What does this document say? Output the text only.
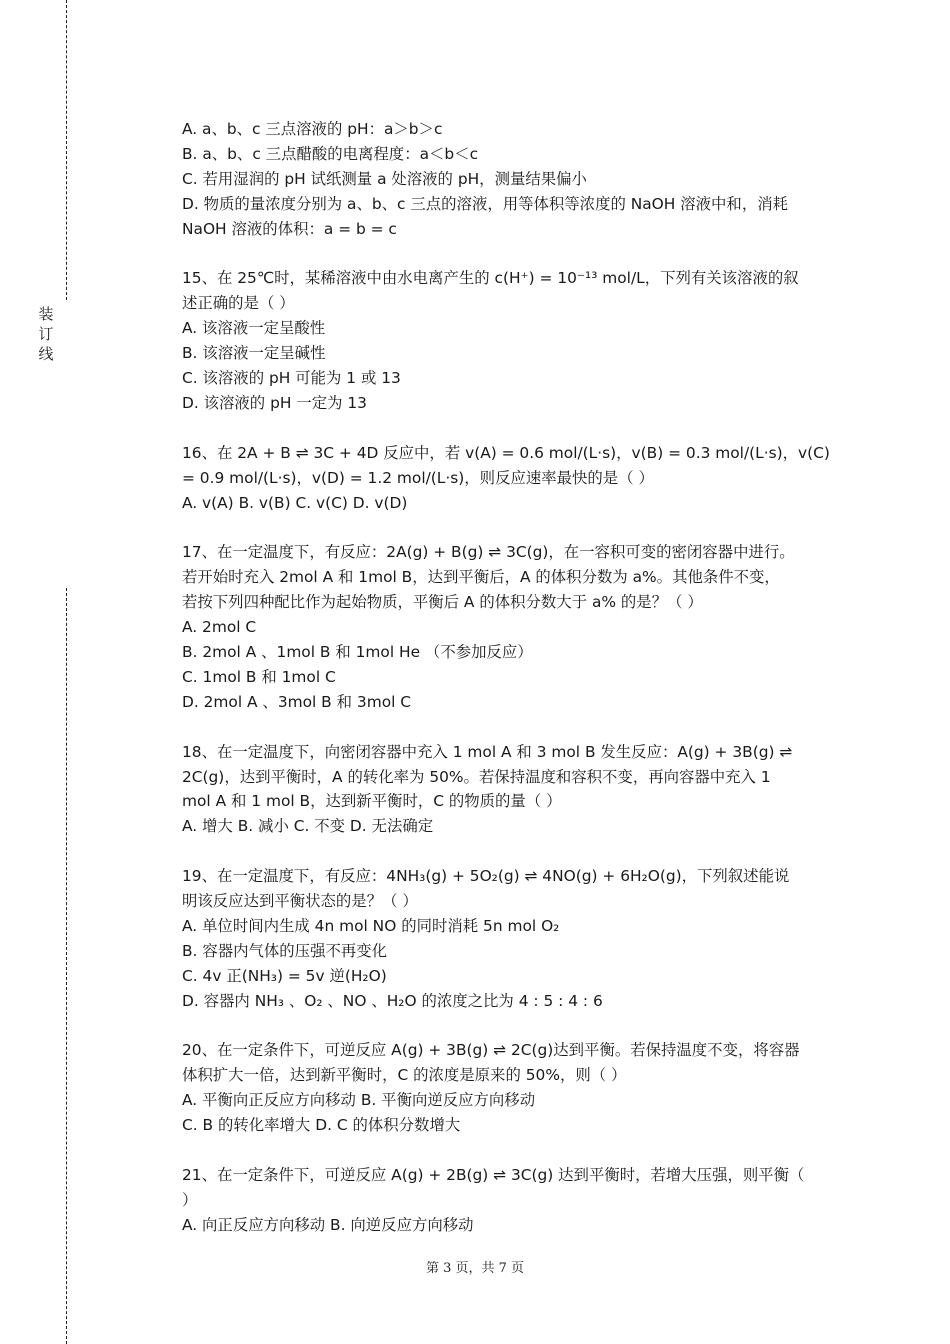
装
订
线
A. a、b、c 三点溶液的 pH：a＞b＞c
B. a、b、c 三点醋酸的电离程度：a＜b＜c
C. 若用湿润的 pH 试纸测量 a 处溶液的 pH，测量结果偏小
D. 物质的量浓度分别为 a、b、c 三点的溶液，用等体积等浓度的 NaOH 溶液中和，消耗
NaOH 溶液的体积：a = b = c
15、在 25℃时，某稀溶液中由水电离产生的 c(H⁺) = 10⁻¹³ mol/L，下列有关该溶液的叙
述正确的是（ ）
A. 该溶液一定呈酸性
B. 该溶液一定呈碱性
C. 该溶液的 pH 可能为 1 或 13
D. 该溶液的 pH 一定为 13
16、在 2A + B ⇌ 3C + 4D 反应中，若 v(A) = 0.6 mol/(L·s)，v(B) = 0.3 mol/(L·s)，v(C)
= 0.9 mol/(L·s)，v(D) = 1.2 mol/(L·s)，则反应速率最快的是（ ）
A. v(A) B. v(B) C. v(C) D. v(D)
17、在一定温度下，有反应：2A(g) + B(g) ⇌ 3C(g)，在一容积可变的密闭容器中进行。
若开始时充入 2mol A 和 1mol B，达到平衡后，A 的体积分数为 a%。其他条件不变，
若按下列四种配比作为起始物质，平衡后 A 的体积分数大于 a% 的是？（ ）
A. 2mol C
B. 2mol A 、1mol B 和 1mol He （不参加反应）
C. 1mol B 和 1mol C
D. 2mol A 、3mol B 和 3mol C
18、在一定温度下，向密闭容器中充入 1 mol A 和 3 mol B 发生反应：A(g) + 3B(g) ⇌
2C(g)，达到平衡时，A 的转化率为 50%。若保持温度和容积不变，再向容器中充入 1
mol A 和 1 mol B，达到新平衡时，C 的物质的量（ ）
A. 增大 B. 减小 C. 不变 D. 无法确定
19、在一定温度下，有反应：4NH₃(g) + 5O₂(g) ⇌ 4NO(g) + 6H₂O(g)，下列叙述能说
明该反应达到平衡状态的是？（ ）
A. 单位时间内生成 4n mol NO 的同时消耗 5n mol O₂
B. 容器内气体的压强不再变化
C. 4v 正(NH₃) = 5v 逆(H₂O)
D. 容器内 NH₃ 、O₂ 、NO 、H₂O 的浓度之比为 4 : 5 : 4 : 6
20、在一定条件下，可逆反应 A(g) + 3B(g) ⇌ 2C(g)达到平衡。若保持温度不变，将容器
体积扩大一倍，达到新平衡时，C 的浓度是原来的 50%，则（ ）
A. 平衡向正反应方向移动 B. 平衡向逆反应方向移动
C. B 的转化率增大 D. C 的体积分数增大
21、在一定条件下，可逆反应 A(g) + 2B(g) ⇌ 3C(g) 达到平衡时，若增大压强，则平衡（
）
A. 向正反应方向移动 B. 向逆反应方向移动
第 3 页，共 7 页
